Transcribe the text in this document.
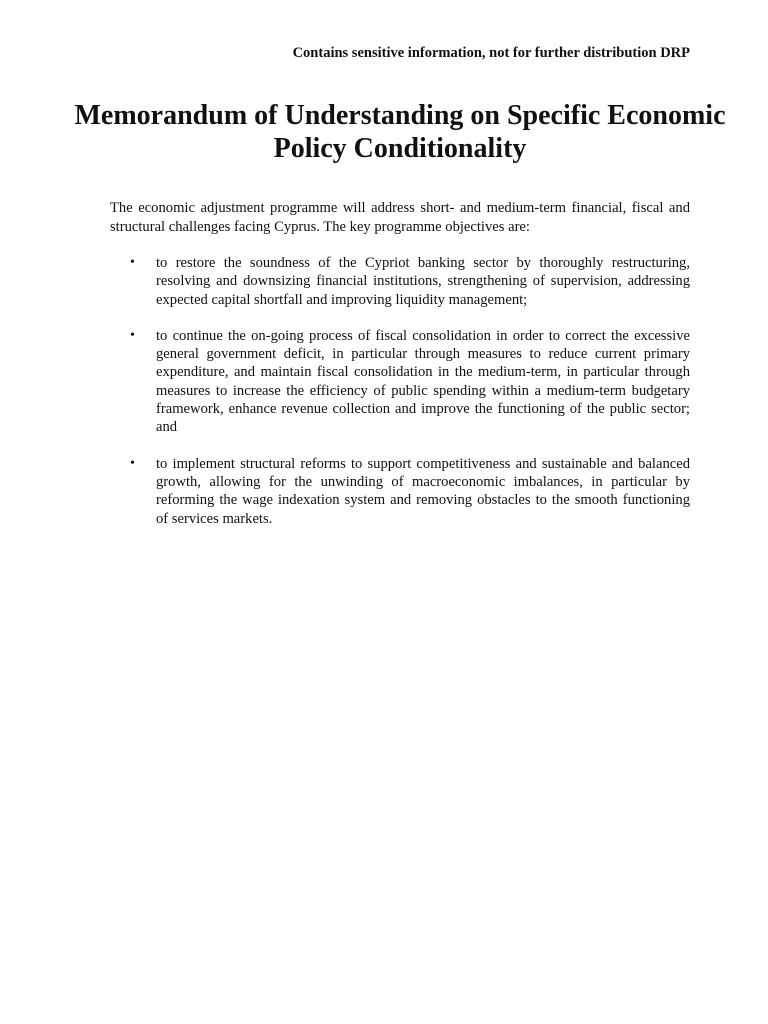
Contains sensitive information, not for further distribution DRP
Memorandum of Understanding on Specific Economic Policy Conditionality

The economic adjustment programme will address short- and medium-term financial, fiscal and structural challenges facing Cyprus. The key programme objectives are:

• to restore the soundness of the Cypriot banking sector by thoroughly restructuring, resolving and downsizing financial institutions, strengthening of supervision, addressing expected capital shortfall and improving liquidity management;
• to continue the on-going process of fiscal consolidation in order to correct the excessive general government deficit, in particular through measures to reduce current primary expenditure, and maintain fiscal consolidation in the medium-term, in particular through measures to increase the efficiency of public spending within a medium-term budgetary framework, enhance revenue collection and improve the functioning of the public sector; and
• to implement structural reforms to support competitiveness and sustainable and balanced growth, allowing for the unwinding of macroeconomic imbalances, in particular by reforming the wage indexation system and removing obstacles to the smooth functioning of services markets.
